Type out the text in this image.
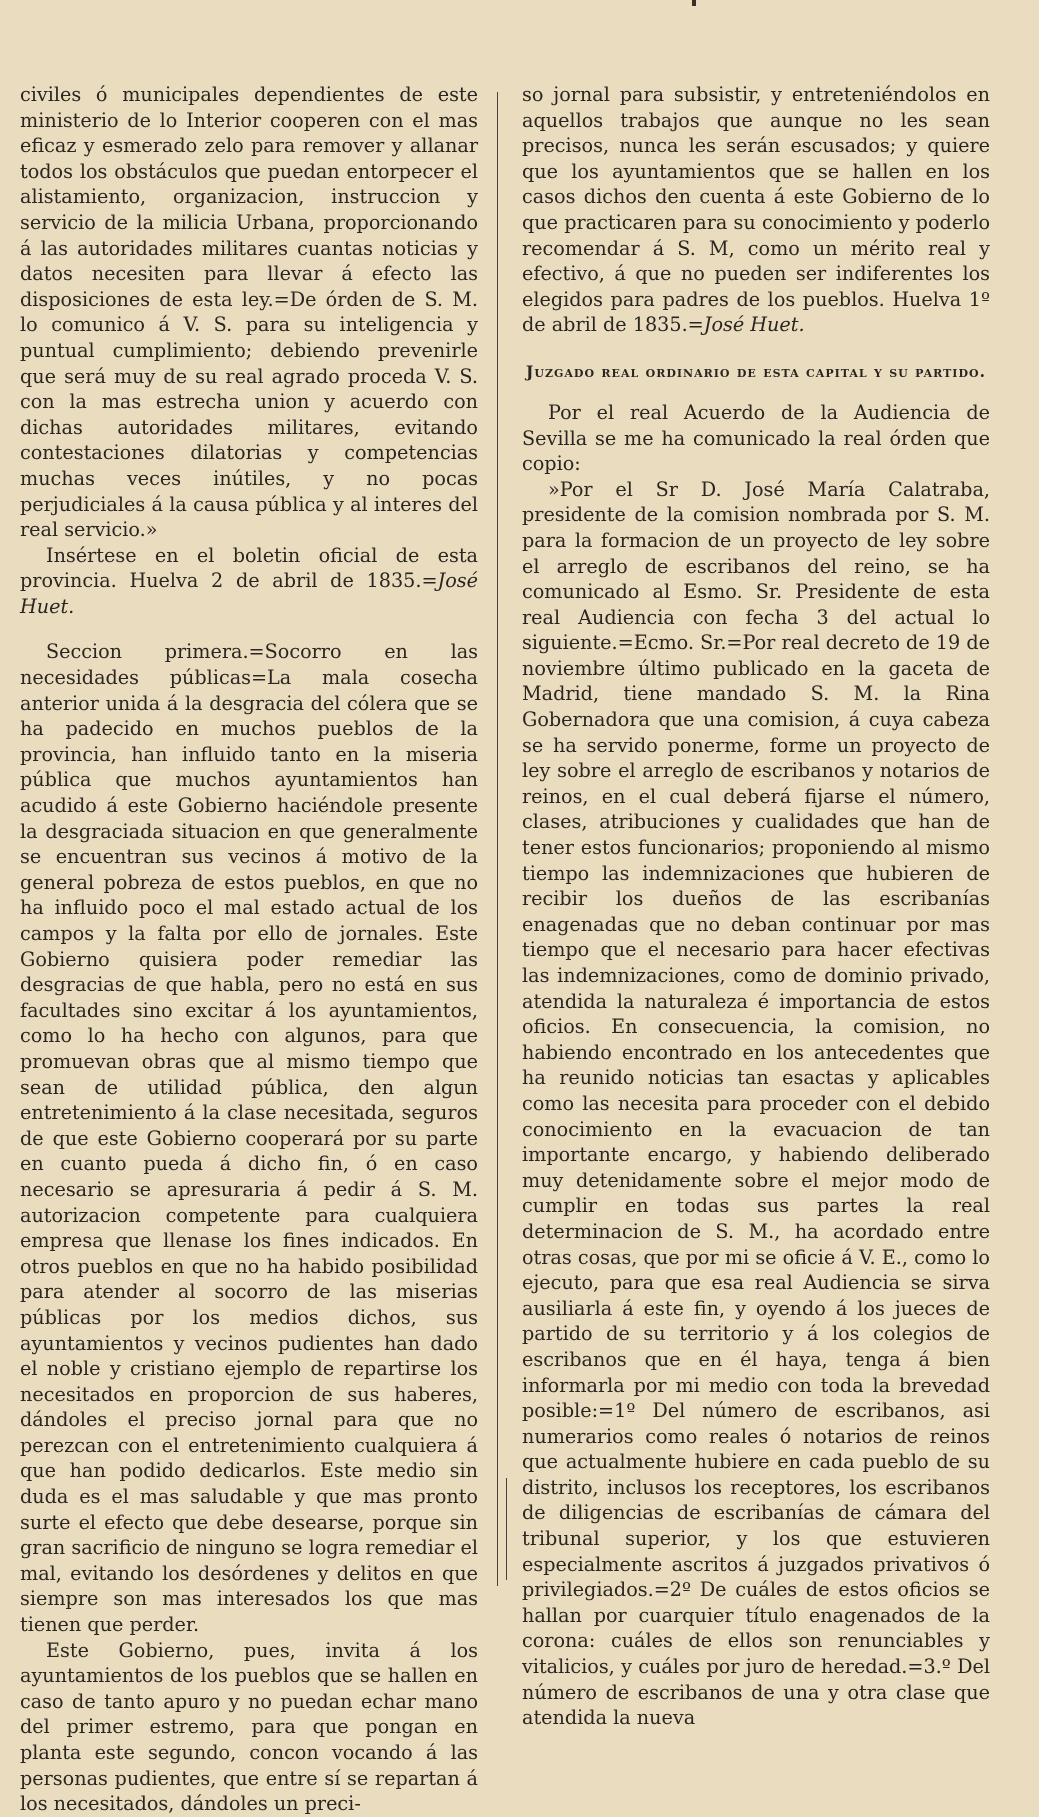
civiles ó municipales dependientes de este ministerio de lo Interior cooperen con el mas eficaz y esmerado zelo para remover y allanar todos los obstáculos que puedan entorpecer el alistamiento, organizacion, instruccion y servicio de la milicia Urbana, proporcionando á las autoridades militares cuantas noticias y datos necesiten para llevar á efecto las disposiciones de esta ley.=De órden de S. M. lo comunico á V. S. para su inteligencia y puntual cumplimiento; debiendo prevenirle que será muy de su real agrado proceda V. S. con la mas estrecha union y acuerdo con dichas autoridades militares, evitando contestaciones dilatorias y competencias muchas veces inútiles, y no pocas perjudiciales á la causa pública y al interes del real servicio.»

Insértese en el boletin oficial de esta provincia. Huelva 2 de abril de 1835.=José Huet.

Seccion primera.=Socorro en las necesidades públicas=La mala cosecha anterior unida á la desgracia del cólera que se ha padecido en muchos pueblos de la provincia, han influido tanto en la miseria pública que muchos ayuntamientos han acudido á este Gobierno haciéndole presente la desgraciada situacion en que generalmente se encuentran sus vecinos á motivo de la general pobreza de estos pueblos, en que no ha influido poco el mal estado actual de los campos y la falta por ello de jornales. Este Gobierno quisiera poder remediar las desgracias de que habla, pero no está en sus facultades sino excitar á los ayuntamientos, como lo ha hecho con algunos, para que promuevan obras que al mismo tiempo que sean de utilidad pública, den algun entretenimiento á la clase necesitada, seguros de que este Gobierno cooperará por su parte en cuanto pueda á dicho fin, ó en caso necesario se apresuraria á pedir á S. M. autorizacion competente para cualquiera empresa que llenase los fines indicados. En otros pueblos en que no ha habido posibilidad para atender al socorro de las miserias públicas por los medios dichos, sus ayuntamientos y vecinos pudientes han dado el noble y cristiano ejemplo de repartirse los necesitados en proporcion de sus haberes, dándoles el preciso jornal para que no perezcan con el entretenimiento cualquiera á que han podido dedicarlos. Este medio sin duda es el mas saludable y que mas pronto surte el efecto que debe desearse, porque sin gran sacrificio de ninguno se logra remediar el mal, evitando los desórdenes y delitos en que siempre son mas interesados los que mas tienen que perder.

Este Gobierno, pues, invita á los ayuntamientos de los pueblos que se hallen en caso de tanto apuro y no puedan echar mano del primer estremo, para que pongan en planta este segundo, concon vocando á las personas pudientes, que entre sí se repartan á los necesitados, dándoles un preci-

so jornal para subsistir, y entreteniéndolos en aquellos trabajos que aunque no les sean precisos, nunca les serán escusados; y quiere que los ayuntamientos que se hallen en los casos dichos den cuenta á este Gobierno de lo que practicaren para su conocimiento y poderlo recomendar á S. M, como un mérito real y efectivo, á que no pueden ser indiferentes los elegidos para padres de los pueblos. Huelva 1º de abril de 1835.=José Huet.

Juzgado real ordinario de esta capital y su partido.

Por el real Acuerdo de la Audiencia de Sevilla se me ha comunicado la real órden que copio:

»Por el Sr D. José María Calatraba, presidente de la comision nombrada por S. M. para la formacion de un proyecto de ley sobre el arreglo de escribanos del reino, se ha comunicado al Esmo. Sr. Presidente de esta real Audiencia con fecha 3 del actual lo siguiente.=Ecmo. Sr.=Por real decreto de 19 de noviembre último publicado en la gaceta de Madrid, tiene mandado S. M. la Rina Gobernadora que una comision, á cuya cabeza se ha servido ponerme, forme un proyecto de ley sobre el arreglo de escribanos y notarios de reinos, en el cual deberá fijarse el número, clases, atribuciones y cualidades que han de tener estos funcionarios; proponiendo al mismo tiempo las indemnizaciones que hubieren de recibir los dueños de las escribanías enagenadas que no deban continuar por mas tiempo que el necesario para hacer efectivas las indemnizaciones, como de dominio privado, atendida la naturaleza é importancia de estos oficios. En consecuencia, la comision, no habiendo encontrado en los antecedentes que ha reunido noticias tan esactas y aplicables como las necesita para proceder con el debido conocimiento en la evacuacion de tan importante encargo, y habiendo deliberado muy detenidamente sobre el mejor modo de cumplir en todas sus partes la real determinacion de S. M., ha acordado entre otras cosas, que por mi se oficie á V. E., como lo ejecuto, para que esa real Audiencia se sirva ausiliarla á este fin, y oyendo á los jueces de partido de su territorio y á los colegios de escribanos que en él haya, tenga á bien informarla por mi medio con toda la brevedad posible:=1º Del número de escribanos, asi numerarios como reales ó notarios de reinos que actualmente hubiere en cada pueblo de su distrito, inclusos los receptores, los escribanos de diligencias de escribanías de cámara del tribunal superior, y los que estuvieren especialmente ascritos á juzgados privativos ó privilegiados.=2º De cuáles de estos oficios se hallan por cuarquier título enagenados de la corona: cuáles de ellos son renunciables y vitalicios, y cuáles por juro de heredad.=3.º Del número de escribanos de una y otra clase que atendida la nueva
